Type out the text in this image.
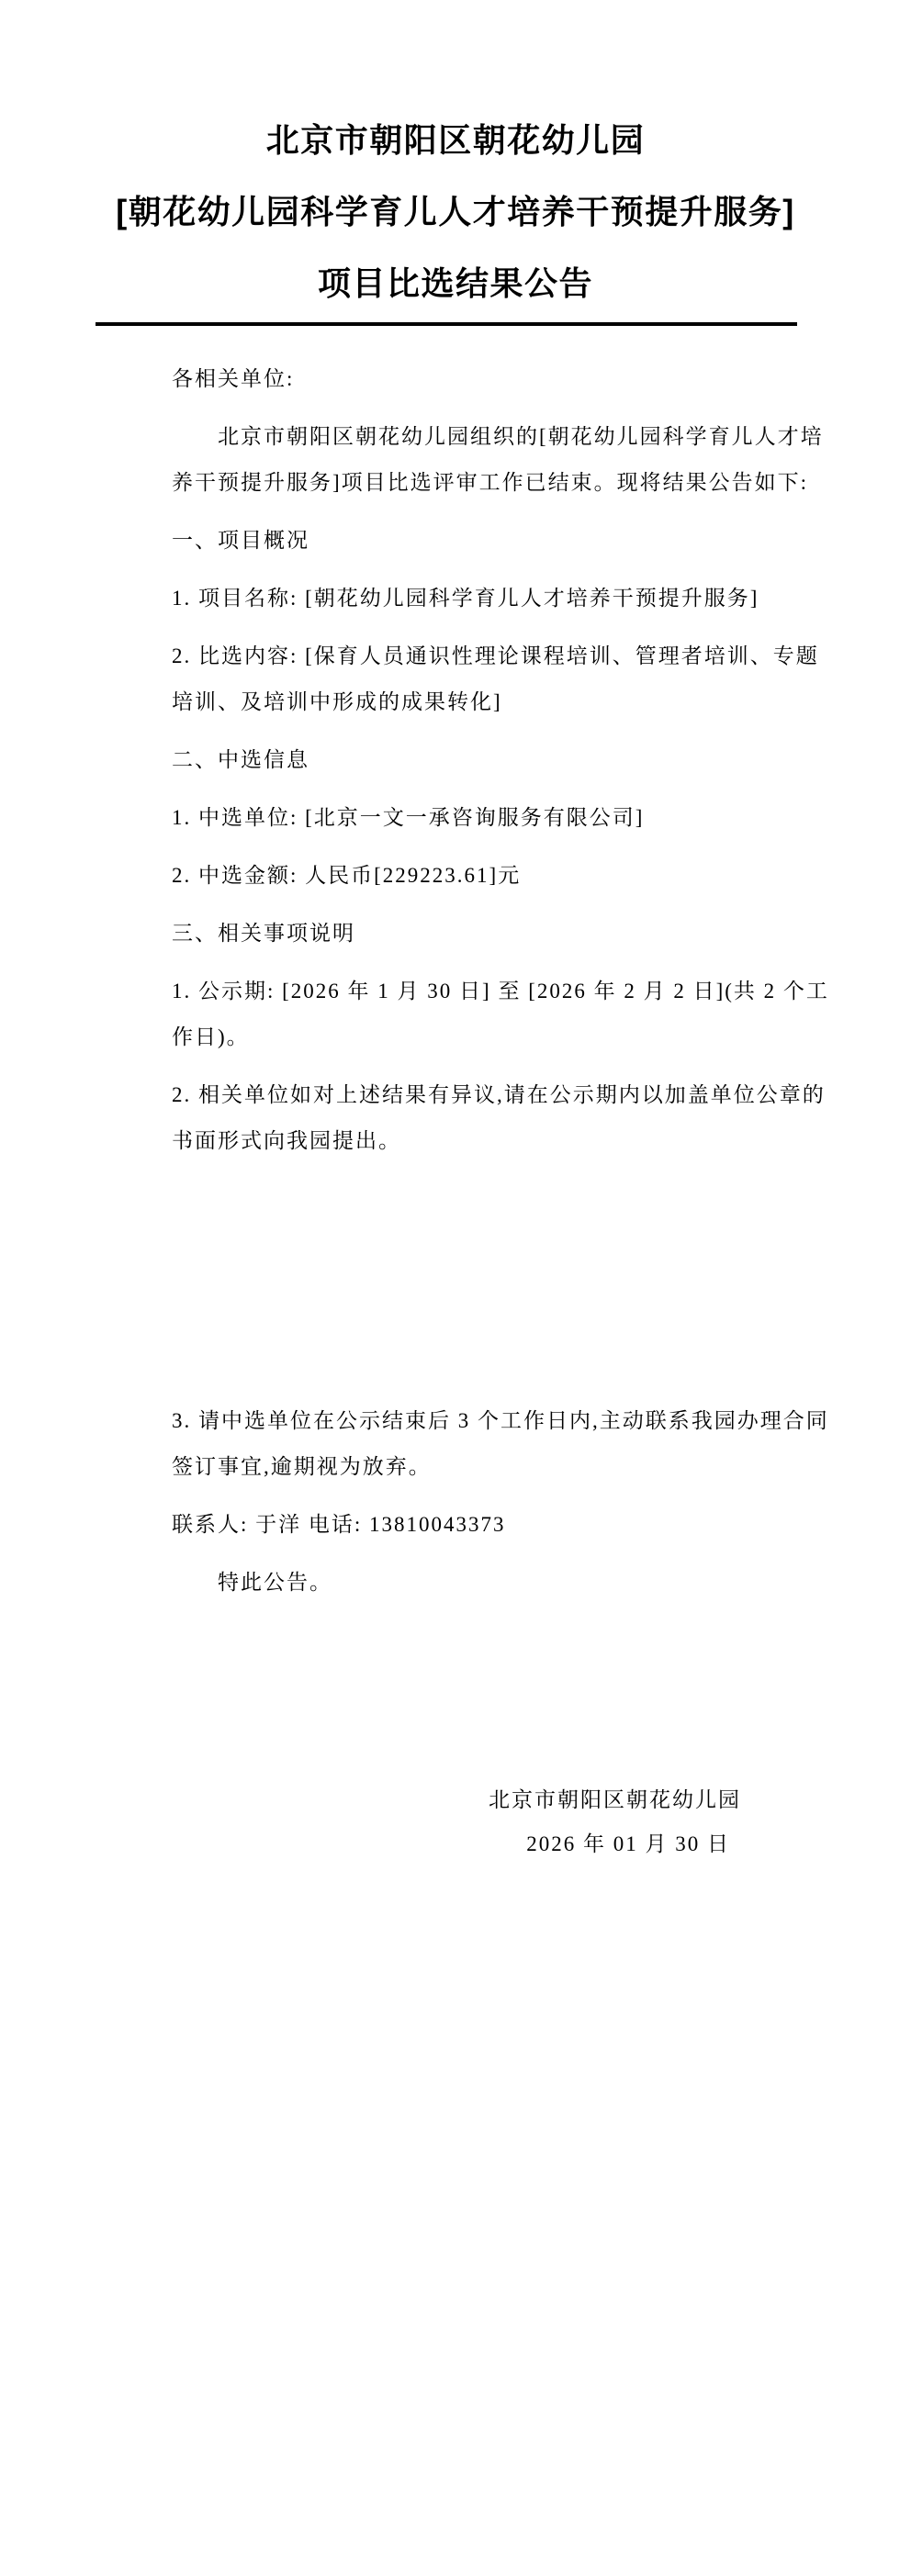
北京市朝阳区朝花幼儿园
[朝花幼儿园科学育儿人才培养干预提升服务]
项目比选结果公告
各相关单位:
北京市朝阳区朝花幼儿园组织的[朝花幼儿园科学育儿人才培
养干预提升服务]项目比选评审工作已结束。现将结果公告如下:
一、项目概况
1. 项目名称: [朝花幼儿园科学育儿人才培养干预提升服务]
2. 比选内容: [保育人员通识性理论课程培训、管理者培训、专题
培训、及培训中形成的成果转化]
二、中选信息
1. 中选单位: [北京一文一承咨询服务有限公司]
2. 中选金额: 人民币[229223.61]元
三、相关事项说明
1. 公示期: [2026 年 1 月 30 日] 至 [2026 年 2 月 2 日](共 2 个工
作日)。
2. 相关单位如对上述结果有异议,请在公示期内以加盖单位公章的
书面形式向我园提出。
3. 请中选单位在公示结束后 3 个工作日内,主动联系我园办理合同
签订事宜,逾期视为放弃。
联系人: 于洋 电话: 13810043373
特此公告。
北京市朝阳区朝花幼儿园
2026 年 01 月 30 日
